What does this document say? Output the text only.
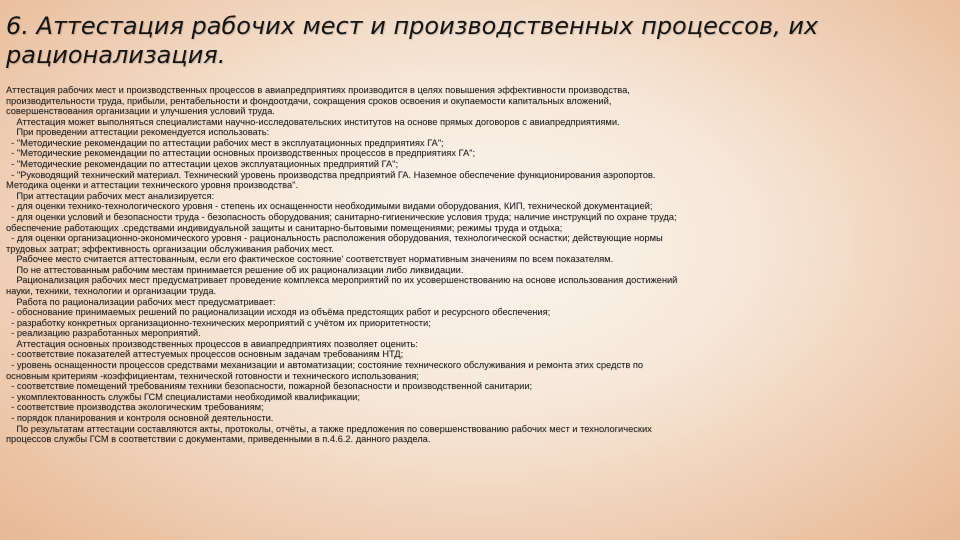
6. Аттестация рабочих мест и производственных процессов, их рационализация.
Аттестация рабочих мест и производственных процессов в авиапредприятиях производится в целях повышения эффективности производства,
производительности труда, прибыли, рентабельности и фондоотдачи, сокращения сроков освоения и окупаемости капитальных вложений,
совершенствования организации и улучшения условий труда.
Аттестация может выполняться специалистами научно-исследовательских институтов на основе прямых договоров с авиапредприятиями.
При проведении аттестации рекомендуется использовать:
- "Методические рекомендации по аттестации рабочих мест в эксплуатационных предприятиях ГА";
- "Методические рекомендации по аттестации основных производственных процессов в предприятиях ГА";
- "Методические рекомендации по аттестации цехов эксплуатационных предприятий ГА";
- "Руководящий технический материал. Технический уровень производства предприятий ГА. Наземное обеспечение функционирования аэропортов.
Методика оценки и аттестации технического уровня производства".
При аттестации рабочих мест анализируется:
- для оценки технико-технологического уровня - степень их оснащенности необходимыми видами оборудования, КИП, технической документацией;
- для оценки условий и безопасности труда - безопасность оборудования; санитарно-гигиенические условия труда; наличие инструкций по охране труда;
обеспечение работающих .средствами индивидуальной защиты и санитарно-бытовыми помещениями; режимы труда и отдыха;
- для оценки организационно-экономического уровня - рациональность расположения оборудования, технологической оснастки; действующие нормы
трудовых затрат; эффективность организации обслуживания рабочих мест.
Рабочее место считается аттестованным, если его фактическое состояние' соответствует нормативным значениям по всем показателям.
По не аттестованным рабочим местам принимается решение об их рационализации либо ликвидации.
Рационализация рабочих мест предусматривает проведение комплекса мероприятий по их усовершенствованию на основе использования достижений
науки, техники, технологии и организации труда.
Работа по рационализации рабочих мест предусматривает:
- обоснование принимаемых решений по рационализации исходя из объёма предстоящих работ и ресурсного обеспечения;
- разработку конкретных организационно-технических мероприятий с учётом их приоритетности;
- реализацию разработанных мероприятий.
Аттестация основных производственных процессов в авиапредприятиях позволяет оценить:
- соответствие показателей аттестуемых процессов основным задачам требованиям НТД;
- уровень оснащенности процессов средствами механизации и автоматизации; состояние технического обслуживания и ремонта этих средств по
основным критериям -коэффициентам, технической готовности и технического использования;
- соответствие помещений требованиям техники безопасности, пожарной безопасности и производственной санитарии;
- укомплектованность службы ГСМ специалистами необходимой квалификации;
- соответствие производства экологическим требованиям;
- порядок планирования и контроля основной деятельности.
По результатам аттестации составляются акты, протоколы, отчёты, а также предложения по совершенствованию рабочих мест и технологических
процессов службы ГСМ в соответствии с документами, приведенными в п.4.6.2. данного раздела.
